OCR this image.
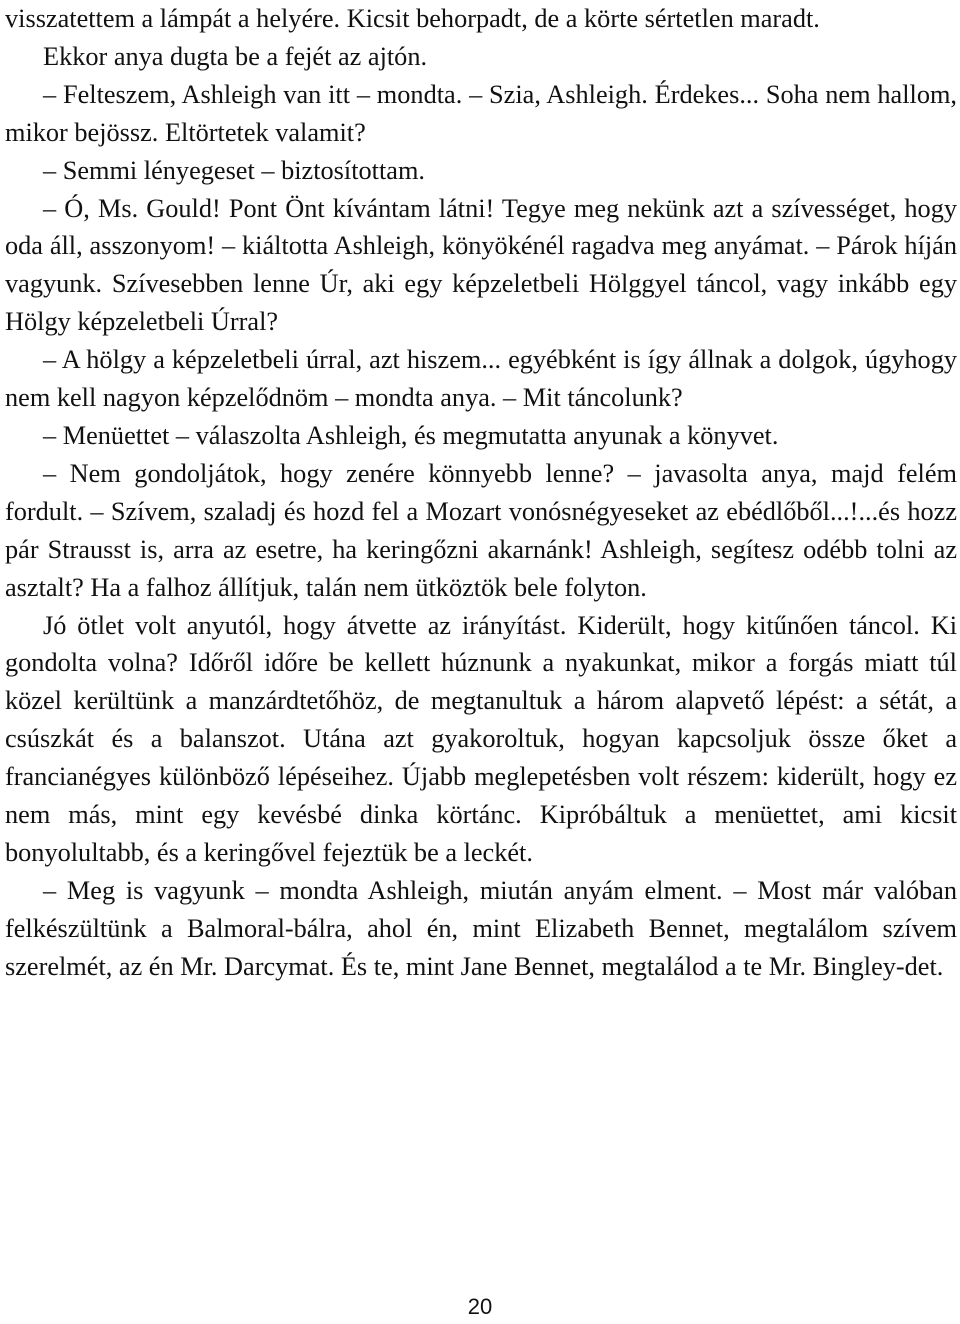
visszatettem a lámpát a helyére. Kicsit behorpadt, de a körte sértetlen maradt.

Ekkor anya dugta be a fejét az ajtón.

– Felteszem, Ashleigh van itt – mondta. – Szia, Ashleigh. Érdekes... Soha nem hallom, mikor bejössz. Eltörtetek valamit?

– Semmi lényegeset – biztosítottam.

– Ó, Ms. Gould! Pont Önt kívántam látni! Tegye meg nekünk azt a szívességet, hogy oda áll, asszonyom! – kiáltotta Ashleigh, könyökénél ragadva meg anyámat. – Párok híján vagyunk. Szívesebben lenne Úr, aki egy képzeletbeli Hölggyel táncol, vagy inkább egy Hölgy képzeletbeli Úrral?

– A hölgy a képzeletbeli úrral, azt hiszem... egyébként is így állnak a dolgok, úgyhogy nem kell nagyon képzelődnöm – mondta anya. – Mit táncolunk?

– Menüettet – válaszolta Ashleigh, és megmutatta anyunak a könyvet.

– Nem gondoljátok, hogy zenére könnyebb lenne? – javasolta anya, majd felém fordult. – Szívem, szaladj és hozd fel a Mozart vonósnégyeseket az ebédlőből...!...és hozz pár Strausst is, arra az esetre, ha keringőzni akarnánk! Ashleigh, segítesz odébb tolni az asztalt? Ha a falhoz állítjuk, talán nem ütköztök bele folyton.

Jó ötlet volt anyutól, hogy átvette az irányítást. Kiderült, hogy kitűnően táncol. Ki gondolta volna? Időről időre be kellett húznunk a nyakunkat, mikor a forgás miatt túl közel kerültünk a manzárdtetőhöz, de megtanultuk a három alapvető lépést: a sétát, a csúszkát és a balanszot. Utána azt gyakoroltuk, hogyan kapcsoljuk össze őket a francianégyes különböző lépéseihez. Újabb meglepetésben volt részem: kiderült, hogy ez nem más, mint egy kevésbé dinka körtánc. Kipróbáltuk a menüettet, ami kicsit bonyolultabb, és a keringővel fejeztük be a leckét.

– Meg is vagyunk – mondta Ashleigh, miután anyám elment. – Most már valóban felkészültünk a Balmoral-bálra, ahol én, mint Elizabeth Bennet, megtalálom szívem szerelmét, az én Mr. Darcymat. És te, mint Jane Bennet, megtalálod a te Mr. Bingley-det.

20
